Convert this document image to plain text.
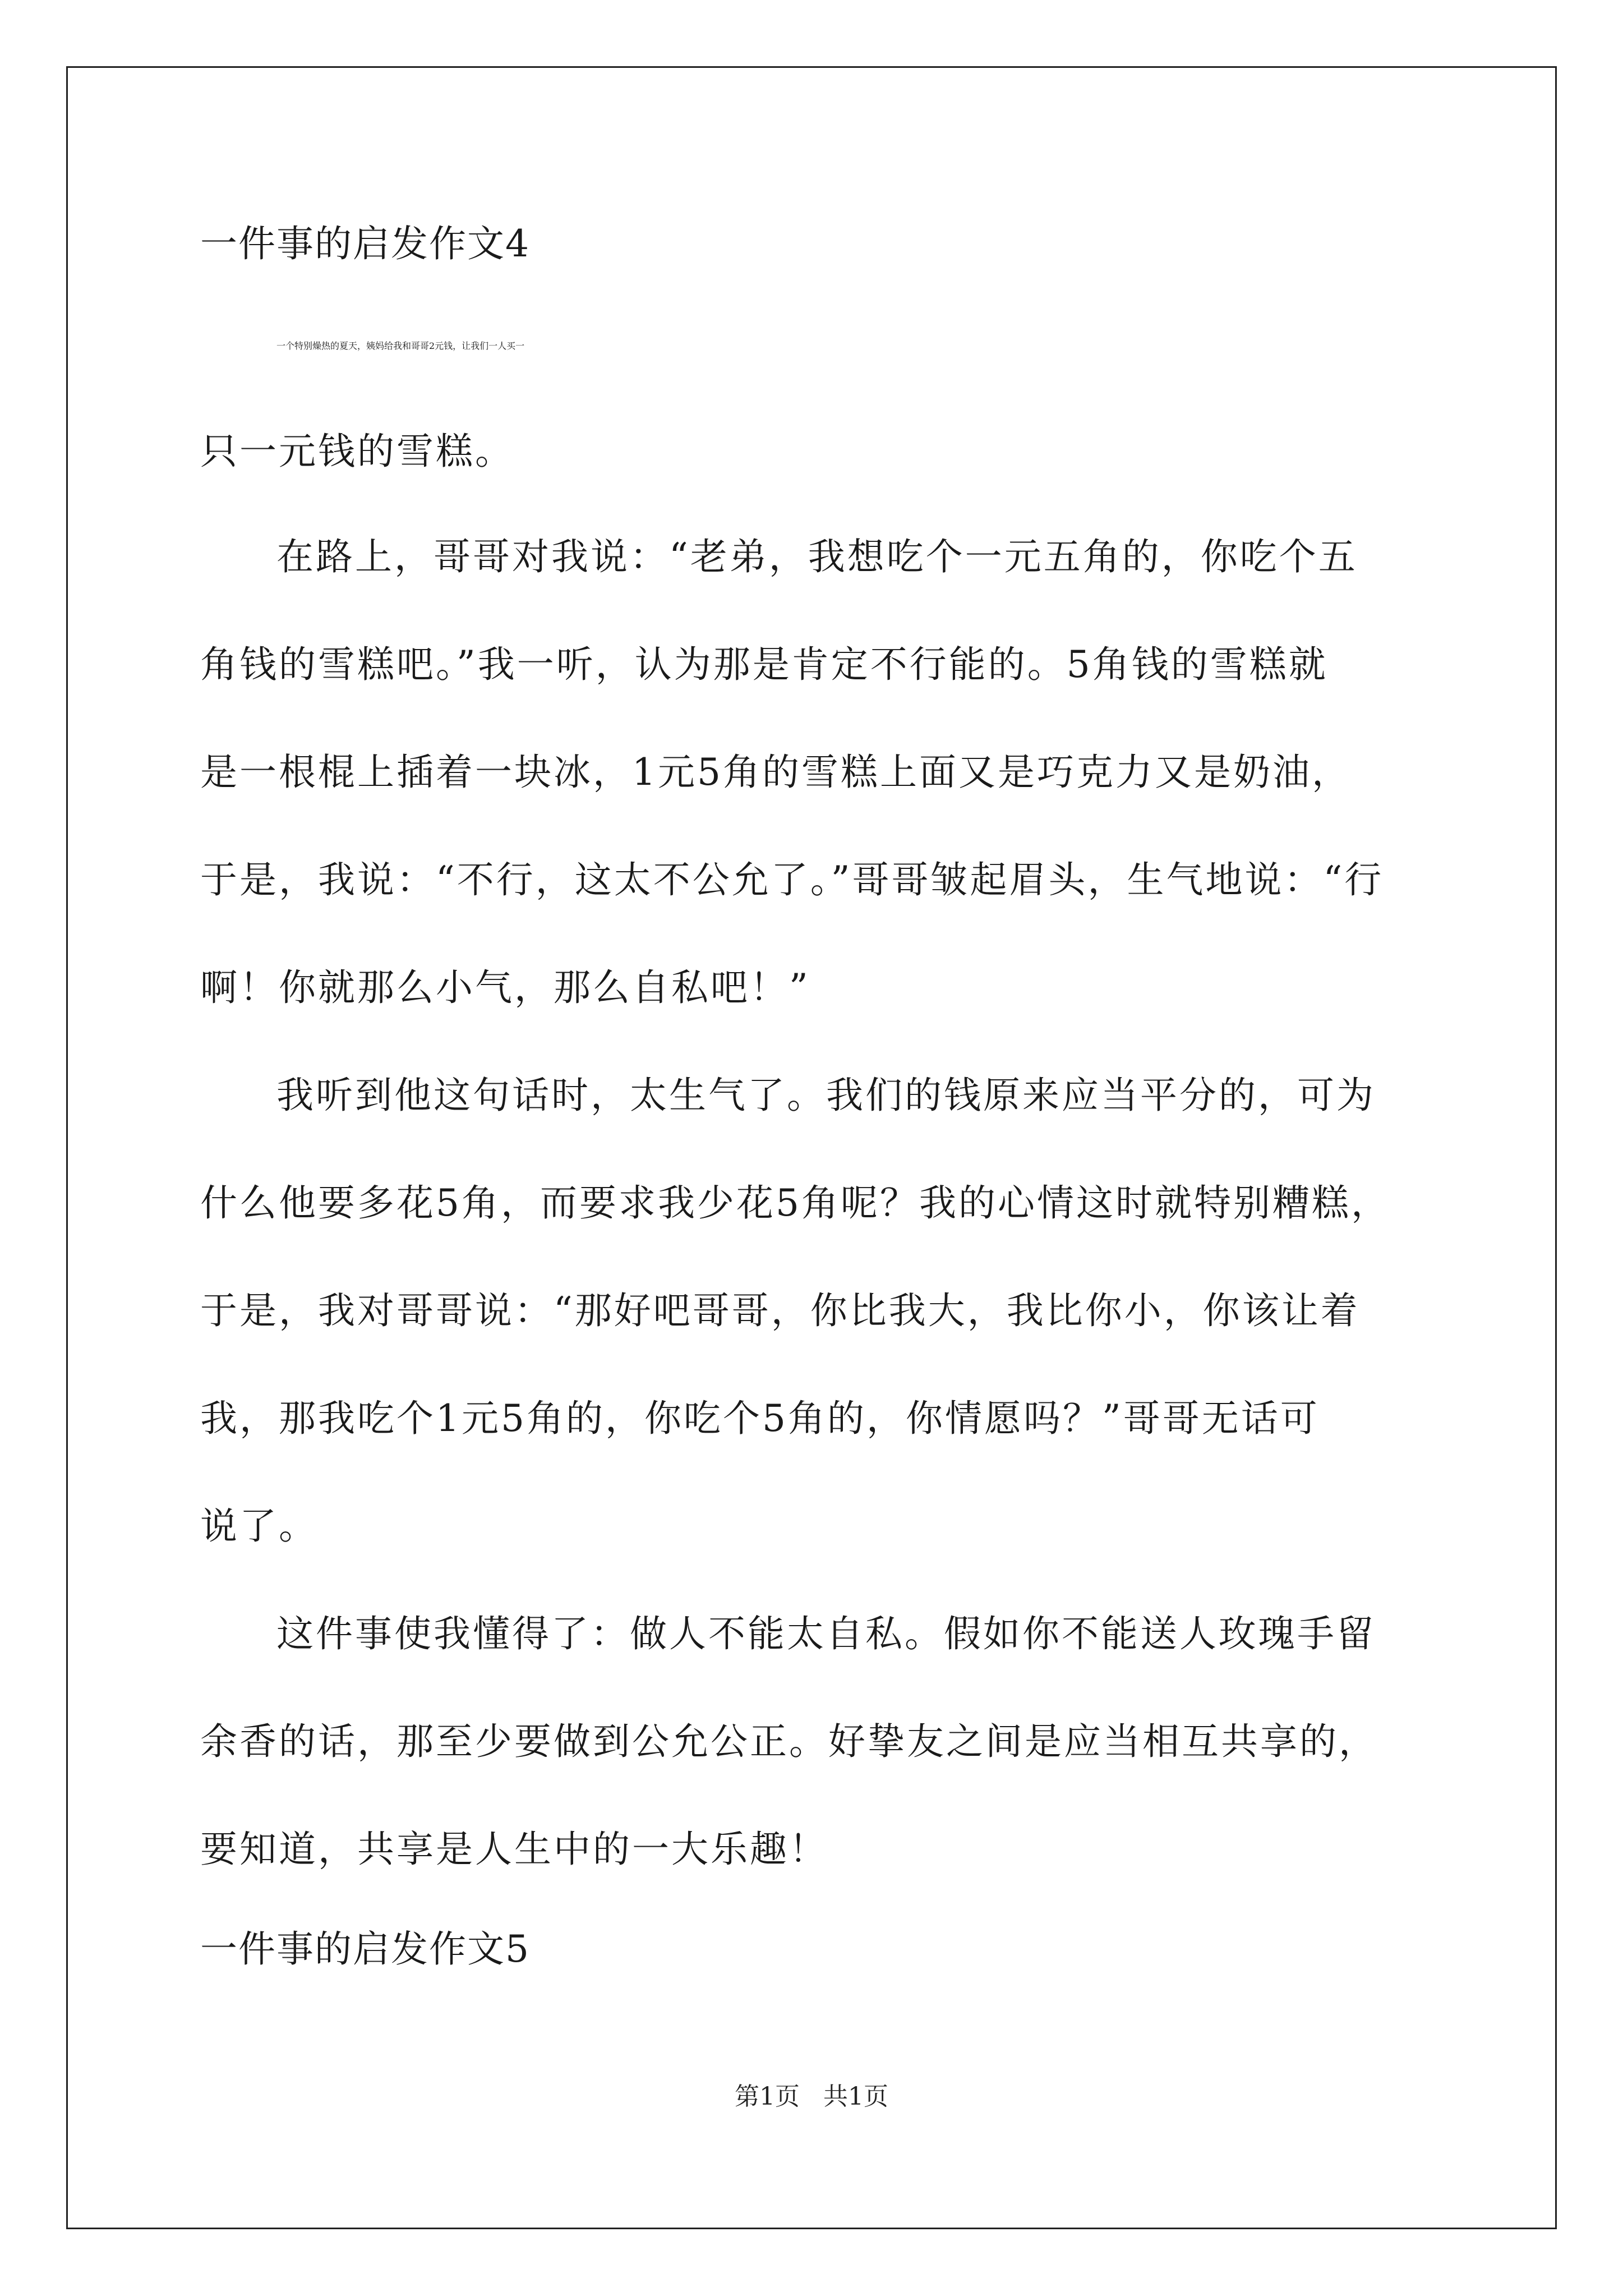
一件事的启发作文4
一个特别燥热的夏天，姨妈给我和哥哥2元钱，让我们一人买一
只一元钱的雪糕。
在路上，哥哥对我说：“老弟，我想吃个一元五角的，你吃个五
角钱的雪糕吧。”我一听，认为那是肯定不行能的。5角钱的雪糕就
是一根棍上插着一块冰，1元5角的雪糕上面又是巧克力又是奶油，
于是，我说：“不行，这太不公允了。”哥哥皱起眉头，生气地说：“行
啊！你就那么小气，那么自私吧！”
我听到他这句话时，太生气了。我们的钱原来应当平分的，可为
什么他要多花5角，而要求我少花5角呢？我的心情这时就特别糟糕，
于是，我对哥哥说：“那好吧哥哥，你比我大，我比你小，你该让着
我，那我吃个1元5角的，你吃个5角的，你情愿吗？”哥哥无话可
说了。
这件事使我懂得了：做人不能太自私。假如你不能送人玫瑰手留
余香的话，那至少要做到公允公正。好挚友之间是应当相互共享的，
要知道，共享是人生中的一大乐趣！
一件事的启发作文5
第1页 共1页
